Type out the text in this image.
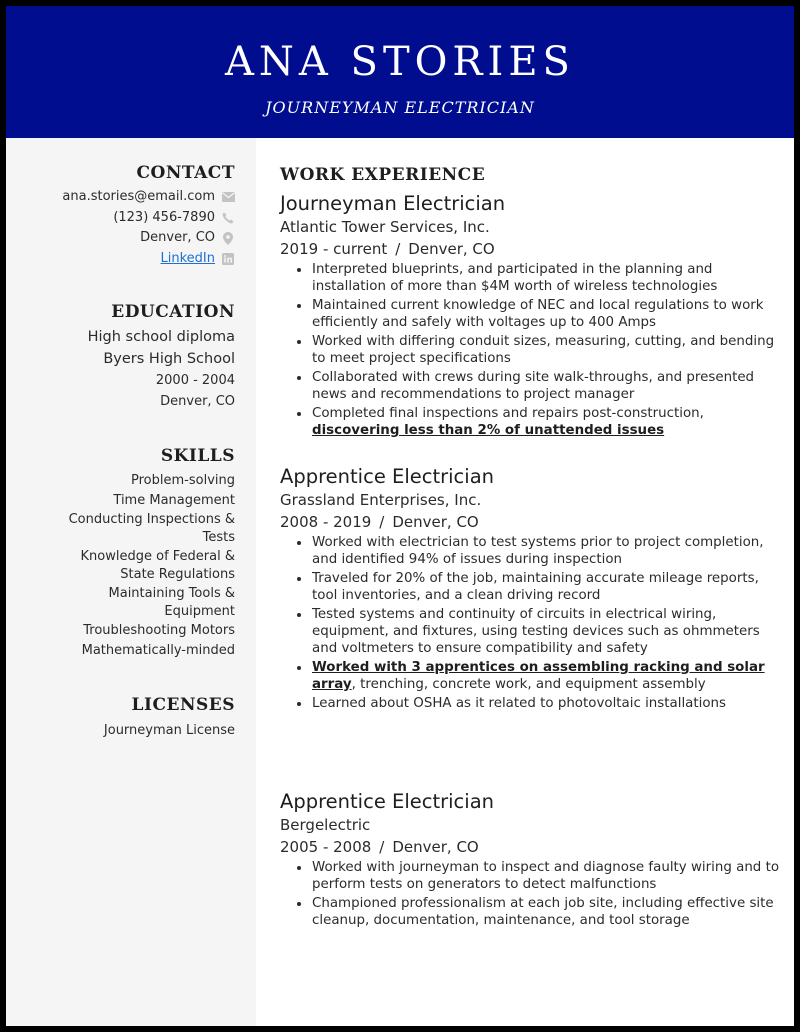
ANA STORIES
JOURNEYMAN ELECTRICIAN
CONTACT
ana.stories@email.com
(123) 456-7890
Denver, CO
LinkedIn
EDUCATION
High school diploma
Byers High School
2000 - 2004
Denver, CO
SKILLS
Problem-solving
Time Management
Conducting Inspections & Tests
Knowledge of Federal & State Regulations
Maintaining Tools & Equipment
Troubleshooting Motors
Mathematically-minded
LICENSES
Journeyman License
WORK EXPERIENCE
Journeyman Electrician
Atlantic Tower Services, Inc.
2019 - current / Denver, CO
Interpreted blueprints, and participated in the planning and installation of more than $4M worth of wireless technologies
Maintained current knowledge of NEC and local regulations to work efficiently and safely with voltages up to 400 Amps
Worked with differing conduit sizes, measuring, cutting, and bending to meet project specifications
Collaborated with crews during site walk-throughs, and presented news and recommendations to project manager
Completed final inspections and repairs post-construction, discovering less than 2% of unattended issues
Apprentice Electrician
Grassland Enterprises, Inc.
2008 - 2019 / Denver, CO
Worked with electrician to test systems prior to project completion, and identified 94% of issues during inspection
Traveled for 20% of the job, maintaining accurate mileage reports, tool inventories, and a clean driving record
Tested systems and continuity of circuits in electrical wiring, equipment, and fixtures, using testing devices such as ohmmeters and voltmeters to ensure compatibility and safety
Worked with 3 apprentices on assembling racking and solar array, trenching, concrete work, and equipment assembly
Learned about OSHA as it related to photovoltaic installations
Apprentice Electrician
Bergelectric
2005 - 2008 / Denver, CO
Worked with journeyman to inspect and diagnose faulty wiring and to perform tests on generators to detect malfunctions
Championed professionalism at each job site, including effective site cleanup, documentation, maintenance, and tool storage
